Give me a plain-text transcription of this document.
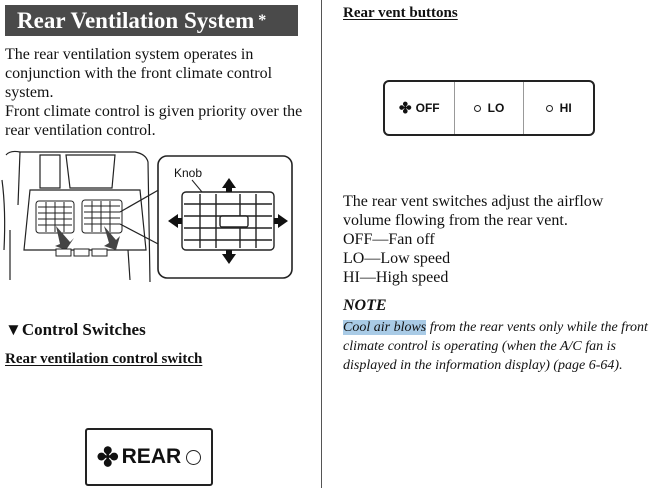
Rear Ventilation System *

The rear ventilation system operates in conjunction with the front climate control system.

Front climate control is given priority over the rear ventilation control.

Knob
▼Control Switches
Rear ventilation control switch
✤ REAR
Rear vent buttons
✤ OFF	LO	HI

The rear vent switches adjust the airflow volume flowing from the rear vent.

OFF—Fan off

LO—Low speed

HI—High speed

NOTE
Cool air blows from the rear vents only while the front climate control is operating (when the A/C fan is displayed in the information display) (page 6-64).
